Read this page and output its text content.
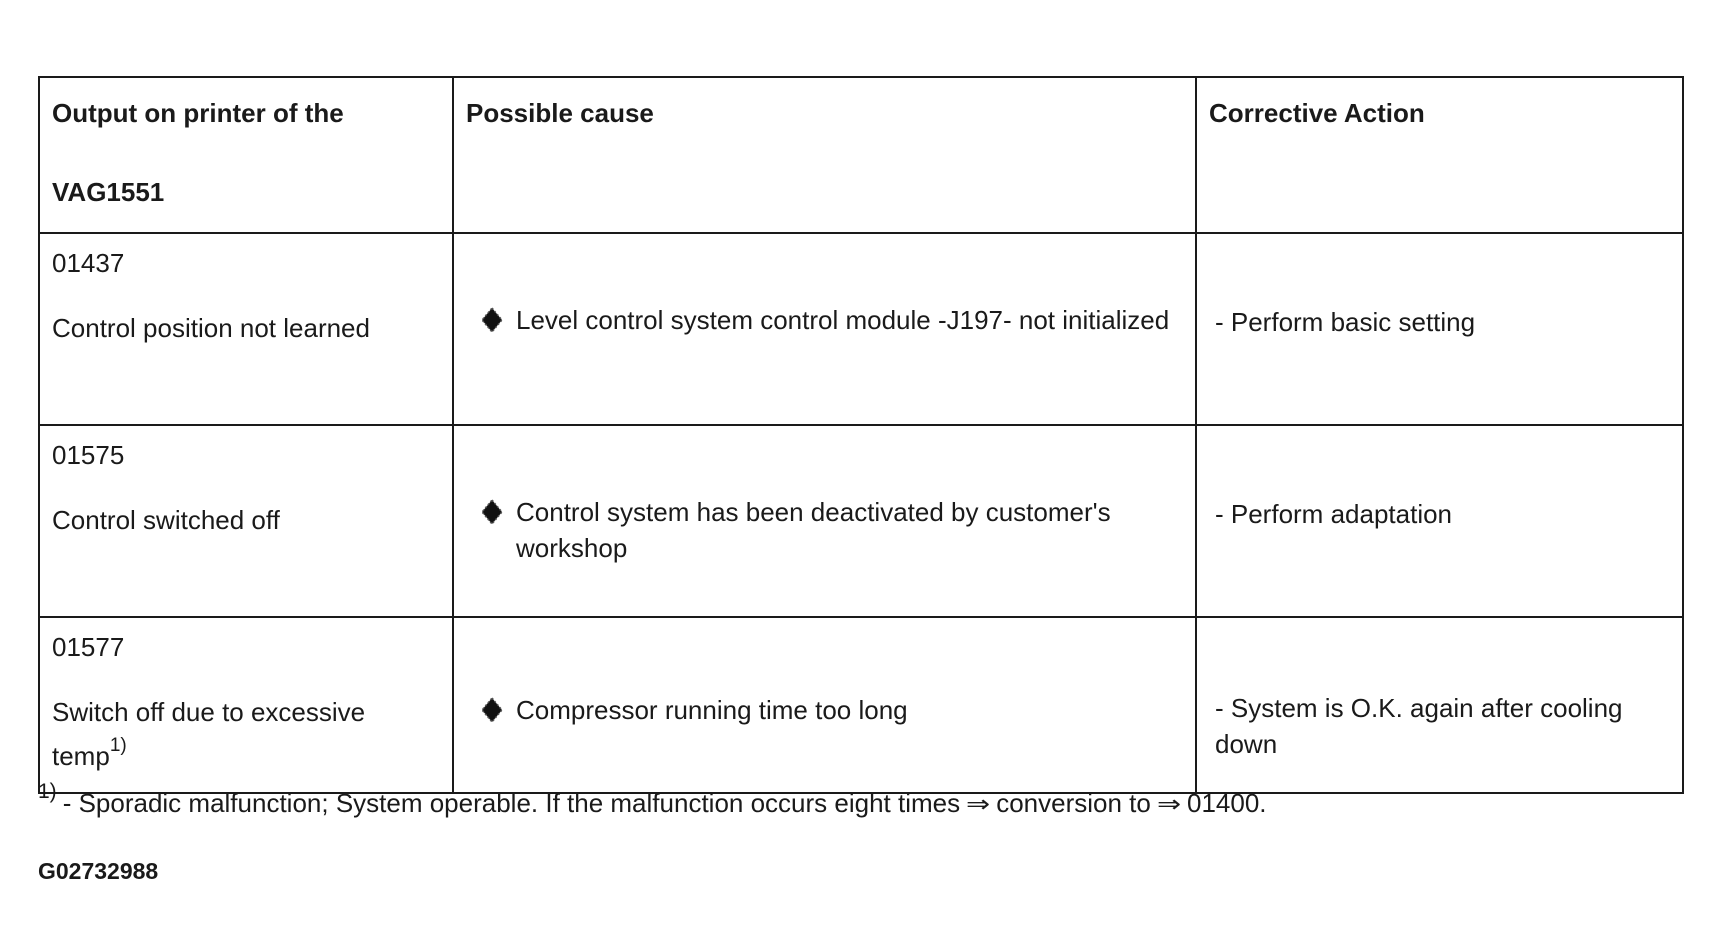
Output on printer of the
VAG1551	Possible cause	Corrective Action

01437
Control position not learned	Level control system control module -J197- not initialized	- Perform basic setting

01575
Control switched off	Control system has been deactivated by customer's workshop	- Perform adaptation

01577
Switch off due to excessive temp$^{1)}$	Compressor running time too long	- System is O.K. again after cooling down
$^{1)}$ - Sporadic malfunction; System operable. If the malfunction occurs eight times ⇒ conversion to ⇒ 01400.
G02732988
